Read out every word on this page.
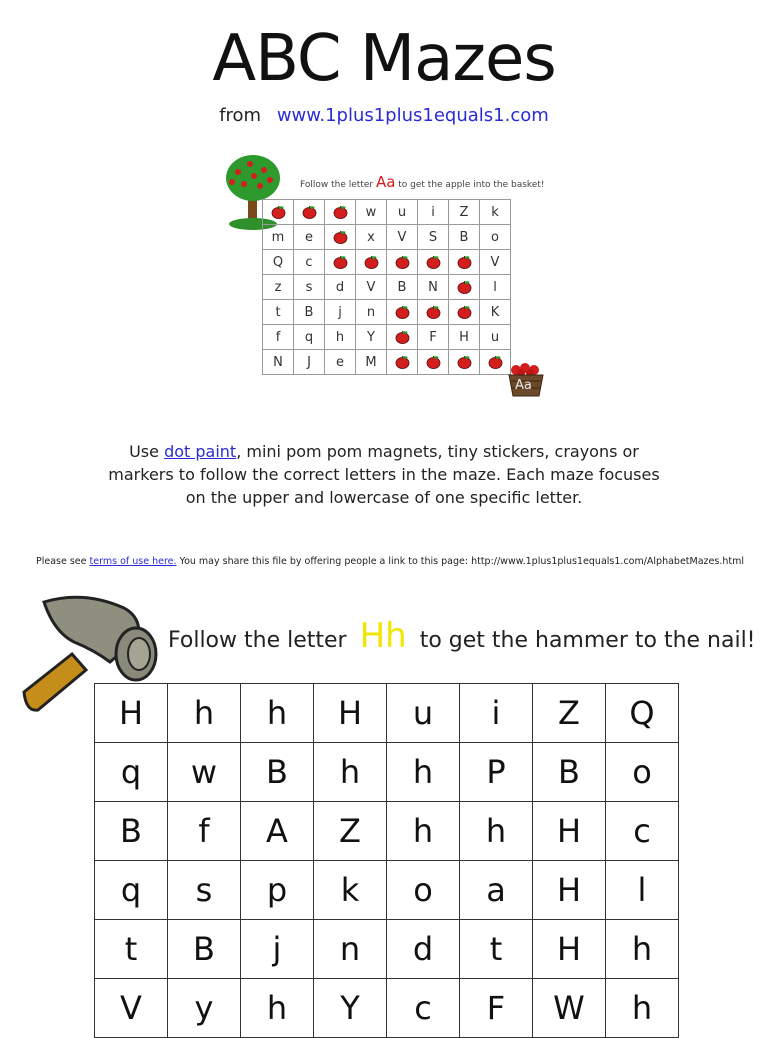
ABC Mazes
from www.1plus1plus1equals1.com
Follow the letter Aa to get the apple into the basket!
			w	u	i	Z	k
m	e		x	V	S	B	o
Q	c						V
z	s	d	V	B	N		l
t	B	j	n				K
f	q	h	Y		F	H	u
N	J	e	M				
Aa
Use dot paint, mini pom pom magnets, tiny stickers, crayons or markers to follow the correct letters in the maze. Each maze focuses on the upper and lowercase of one specific letter.
Please see terms of use here. You may share this file by offering people a link to this page: http://www.1plus1plus1equals1.com/AlphabetMazes.html
Follow the letter Hh to get the hammer to the nail!
H	h	h	H	u	i	Z	Q
q	w	B	h	h	P	B	o
B	f	A	Z	h	h	H	c
q	s	p	k	o	a	H	l
t	B	j	n	d	t	H	h
V	y	h	Y	c	F	W	h
